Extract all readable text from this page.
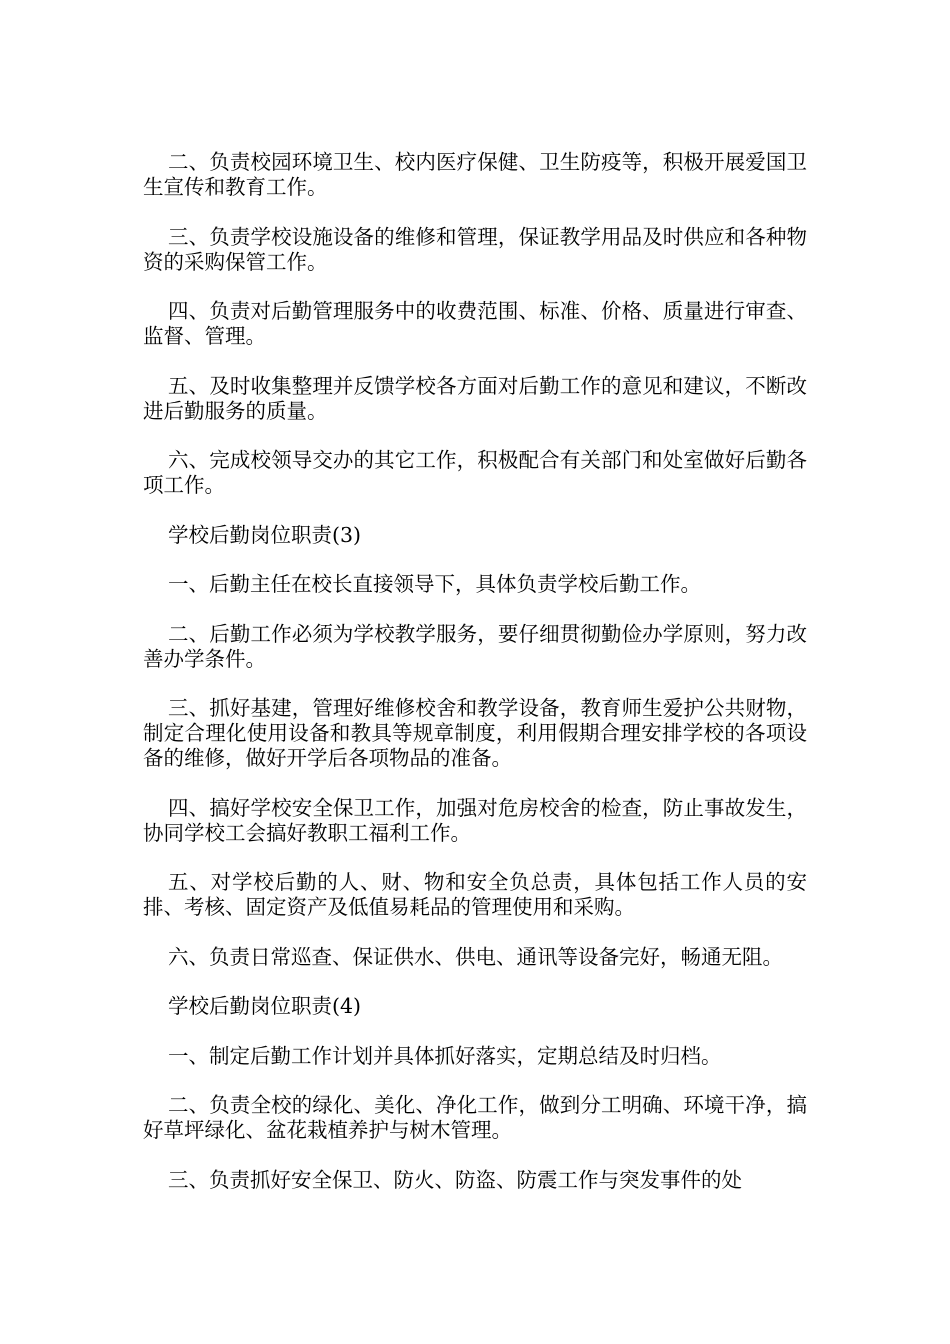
二、负责校园环境卫生、校内医疗保健、卫生防疫等，积极开展爱国卫生宣传和教育工作。

三、负责学校设施设备的维修和管理，保证教学用品及时供应和各种物资的采购保管工作。

四、负责对后勤管理服务中的收费范围、标准、价格、质量进行审查、监督、管理。

五、及时收集整理并反馈学校各方面对后勤工作的意见和建议，不断改进后勤服务的质量。

六、完成校领导交办的其它工作，积极配合有关部门和处室做好后勤各项工作。

学校后勤岗位职责(3)

一、后勤主任在校长直接领导下，具体负责学校后勤工作。

二、后勤工作必须为学校教学服务，要仔细贯彻勤俭办学原则，努力改善办学条件。

三、抓好基建，管理好维修校舍和教学设备，教育师生爱护公共财物，制定合理化使用设备和教具等规章制度，利用假期合理安排学校的各项设备的维修，做好开学后各项物品的准备。

四、搞好学校安全保卫工作，加强对危房校舍的检查，防止事故发生，协同学校工会搞好教职工福利工作。

五、对学校后勤的人、财、物和安全负总责，具体包括工作人员的安排、考核、固定资产及低值易耗品的管理使用和采购。

六、负责日常巡查、保证供水、供电、通讯等设备完好，畅通无阻。

学校后勤岗位职责(4)

一、制定后勤工作计划并具体抓好落实，定期总结及时归档。

二、负责全校的绿化、美化、净化工作，做到分工明确、环境干净，搞好草坪绿化、盆花栽植养护与树木管理。

三、负责抓好安全保卫、防火、防盗、防震工作与突发事件的处
